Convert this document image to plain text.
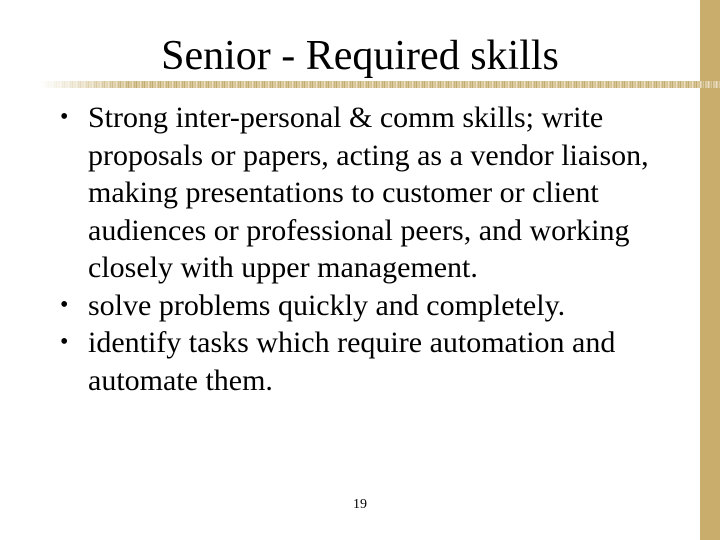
Senior - Required skills
• Strong inter-personal & comm skills; write proposals or papers, acting as a vendor liaison, making presentations to customer or client audiences or professional peers, and working closely with upper management.
• solve problems quickly and completely.
• identify tasks which require automation and automate them.
19
